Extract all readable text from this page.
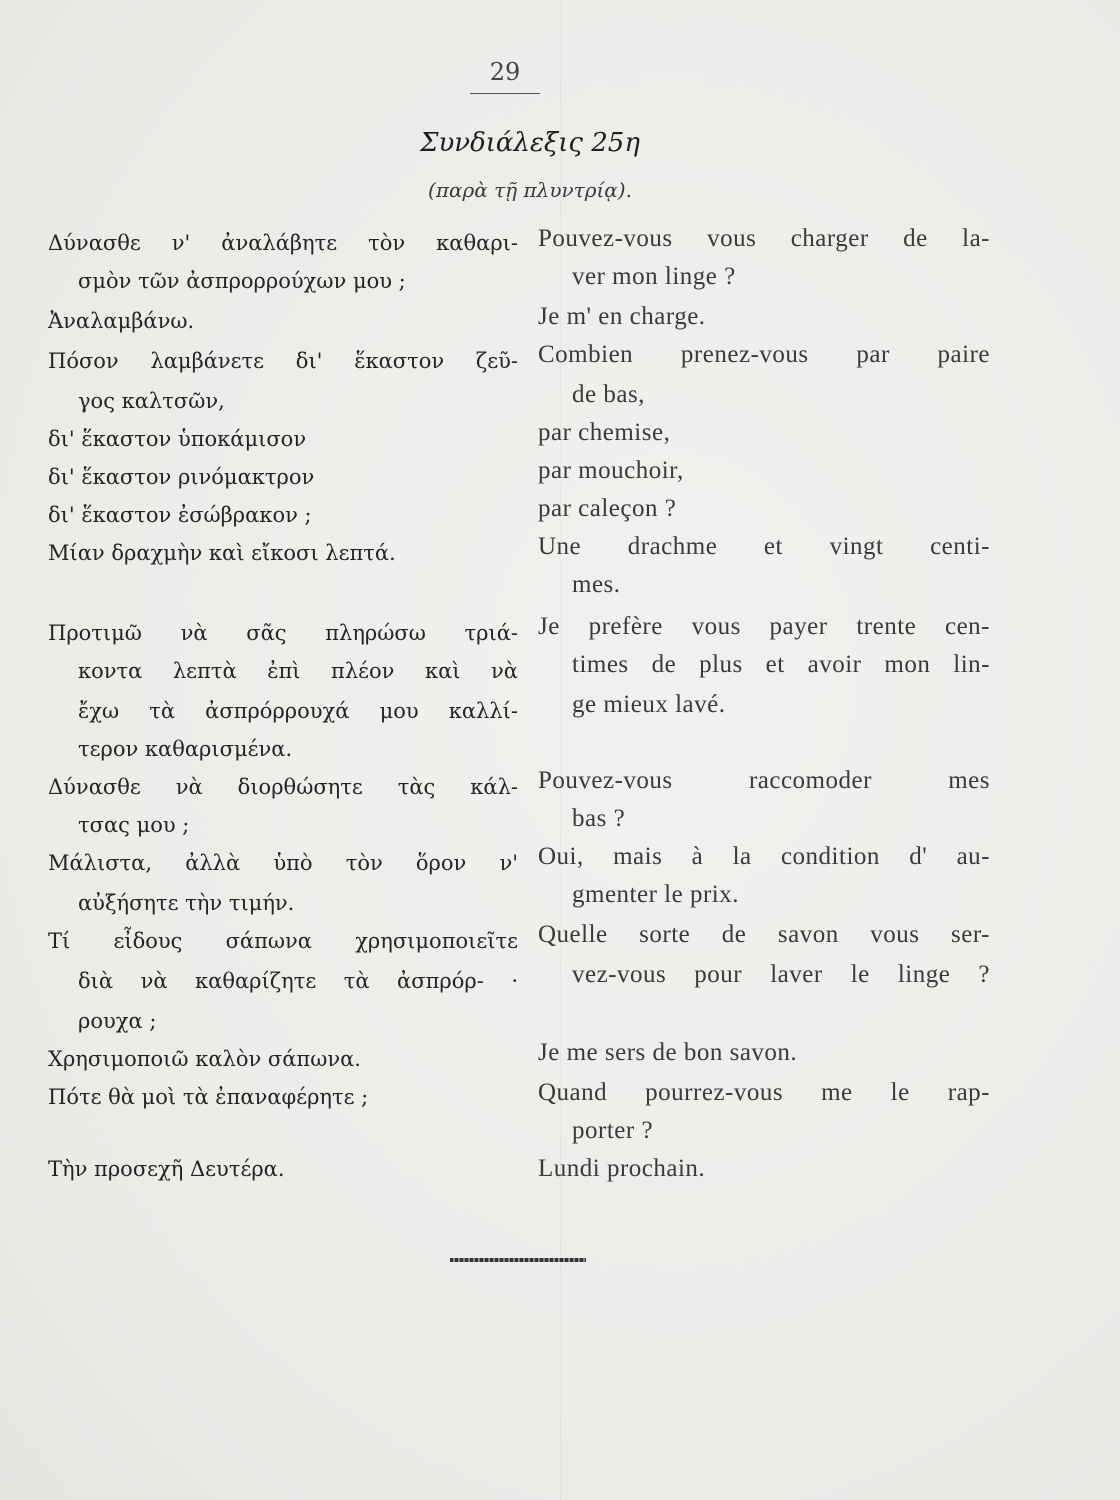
29
Συνδιάλεξις 25η
(παρὰ τῇ πλυντρίᾳ).
Δύνασθε ν' ἀναλάβητε τὸν καθαρι-
σμὸν τῶν ἀσπρορρούχων μου ;
Ἀναλαμβάνω.
Πόσον λαμβάνετε δι' ἕκαστον ζεῦ-
γος καλτσῶν,
δι' ἕκαστον ὑποκάμισον
δι' ἕκαστον ρινόμακτρον
δι' ἕκαστον ἐσώβρακον ;
Μίαν δραχμὴν καὶ εἴκοσι λεπτά.
Προτιμῶ νὰ σᾶς πληρώσω τριά-
κοντα λεπτὰ ἐπὶ πλέον καὶ νὰ
ἔχω τὰ ἀσπρόρρουχά μου καλλί-
τερον καθαρισμένα.
Δύνασθε νὰ διορθώσητε τὰς κάλ-
τσας μου ;
Μάλιστα, ἀλλὰ ὑπὸ τὸν ὅρον ν'
αὐξήσητε τὴν τιμήν.
Τί εἶδους σάπωνα χρησιμοποιεῖτε
διὰ νὰ καθαρίζητε τὰ ἀσπρόρ- ·
ρουχα ;
Χρησιμοποιῶ καλὸν σάπωνα.
Πότε θὰ μοὶ τὰ ἐπαναφέρητε ;
Τὴν προσεχῆ Δευτέρα.
Pouvez-vous vous charger de la-
ver mon linge ?
Je m' en charge.
Combien prenez-vous par paire
de bas,
par chemise,
par mouchoir,
par caleçon ?
Une drachme et vingt centi-
mes.
Je prefère vous payer trente cen-
times de plus et avoir mon lin-
ge mieux lavé.
Pouvez-vous raccomoder mes
bas ?
Oui, mais à la condition d' au-
gmenter le prix.
Quelle sorte de savon vous ser-
vez-vous pour laver le linge ?
Je me sers de bon savon.
Quand pourrez-vous me le rap-
porter ?
Lundi prochain.
